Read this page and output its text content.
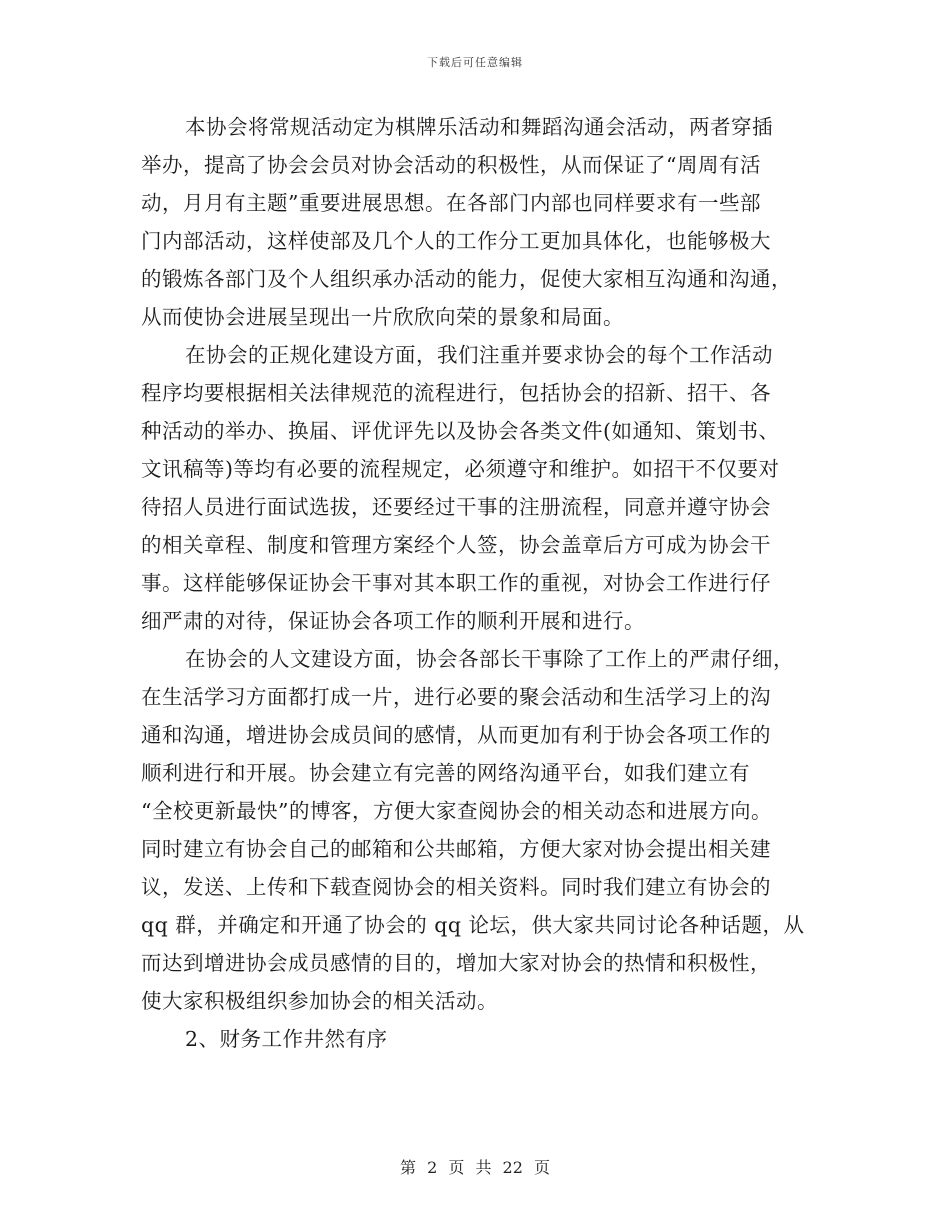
下载后可任意编辑
本协会将常规活动定为棋牌乐活动和舞蹈沟通会活动，两者穿插
举办，提高了协会会员对协会活动的积极性，从而保证了“周周有活
动，月月有主题”重要进展思想。在各部门内部也同样要求有一些部
门内部活动，这样使部及几个人的工作分工更加具体化，也能够极大
的锻炼各部门及个人组织承办活动的能力，促使大家相互沟通和沟通，
从而使协会进展呈现出一片欣欣向荣的景象和局面。
在协会的正规化建设方面，我们注重并要求协会的每个工作活动
程序均要根据相关法律规范的流程进行，包括协会的招新、招干、各
种活动的举办、换届、评优评先以及协会各类文件(如通知、策划书、
文讯稿等)等均有必要的流程规定，必须遵守和维护。如招干不仅要对
待招人员进行面试选拔，还要经过干事的注册流程，同意并遵守协会
的相关章程、制度和管理方案经个人签，协会盖章后方可成为协会干
事。这样能够保证协会干事对其本职工作的重视，对协会工作进行仔
细严肃的对待，保证协会各项工作的顺利开展和进行。
在协会的人文建设方面，协会各部长干事除了工作上的严肃仔细，
在生活学习方面都打成一片，进行必要的聚会活动和生活学习上的沟
通和沟通，增进协会成员间的感情，从而更加有利于协会各项工作的
顺利进行和开展。协会建立有完善的网络沟通平台，如我们建立有
“全校更新最快”的博客，方便大家查阅协会的相关动态和进展方向。
同时建立有协会自己的邮箱和公共邮箱，方便大家对协会提出相关建
议，发送、上传和下载查阅协会的相关资料。同时我们建立有协会的
qq 群，并确定和开通了协会的 qq 论坛，供大家共同讨论各种话题，从
而达到增进协会成员感情的目的，增加大家对协会的热情和积极性，
使大家积极组织参加协会的相关活动。
2、财务工作井然有序
第 2 页 共 22 页
